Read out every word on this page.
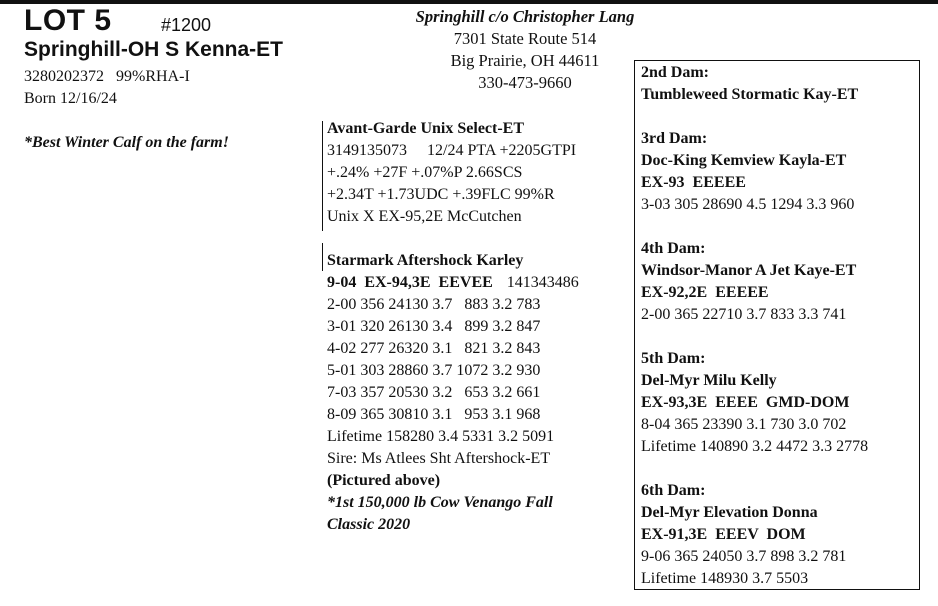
LOT 5	#1200
Springhill-OH S Kenna-ET
3280202372   99%RHA-I
Born 12/16/24
*Best Winter Calf on the farm!
Springhill c/o Christopher Lang
7301 State Route 514
Big Prairie, OH 44611
330-473-9660
Avant-Garde Unix Select-ET
3149135073     12/24 PTA +2205GTPI
+.24% +27F +.07%P 2.66SCS
+2.34T +1.73UDC +.39FLC 99%R
Unix X EX-95,2E McCutchen
Starmark Aftershock Karley
9-04  EX-94,3E  EEVEE 141343486
2-00 356 24130 3.7   883 3.2 783
3-01 320 26130 3.4   899 3.2 847
4-02 277 26320 3.1   821 3.2 843
5-01 303 28860 3.7 1072 3.2 930
7-03 357 20530 3.2   653 3.2 661
8-09 365 30810 3.1   953 3.1 968
Lifetime 158280 3.4 5331 3.2 5091
Sire: Ms Atlees Sht Aftershock-ET
(Pictured above)
*1st 150,000 lb Cow Venango Fall
Classic 2020
2nd Dam:
Tumbleweed Stormatic Kay-ET
3rd Dam:
Doc-King Kemview Kayla-ET
EX-93  EEEEE
3-03 305 28690 4.5 1294 3.3 960
4th Dam:
Windsor-Manor A Jet Kaye-ET
EX-92,2E  EEEEE
2-00 365 22710 3.7 833 3.3 741
5th Dam:
Del-Myr Milu Kelly
EX-93,3E  EEEE  GMD-DOM
8-04 365 23390 3.1 730 3.0 702
Lifetime 140890 3.2 4472 3.3 2778
6th Dam:
Del-Myr Elevation Donna
EX-91,3E  EEEV  DOM
9-06 365 24050 3.7 898 3.2 781
Lifetime 148930 3.7 5503
